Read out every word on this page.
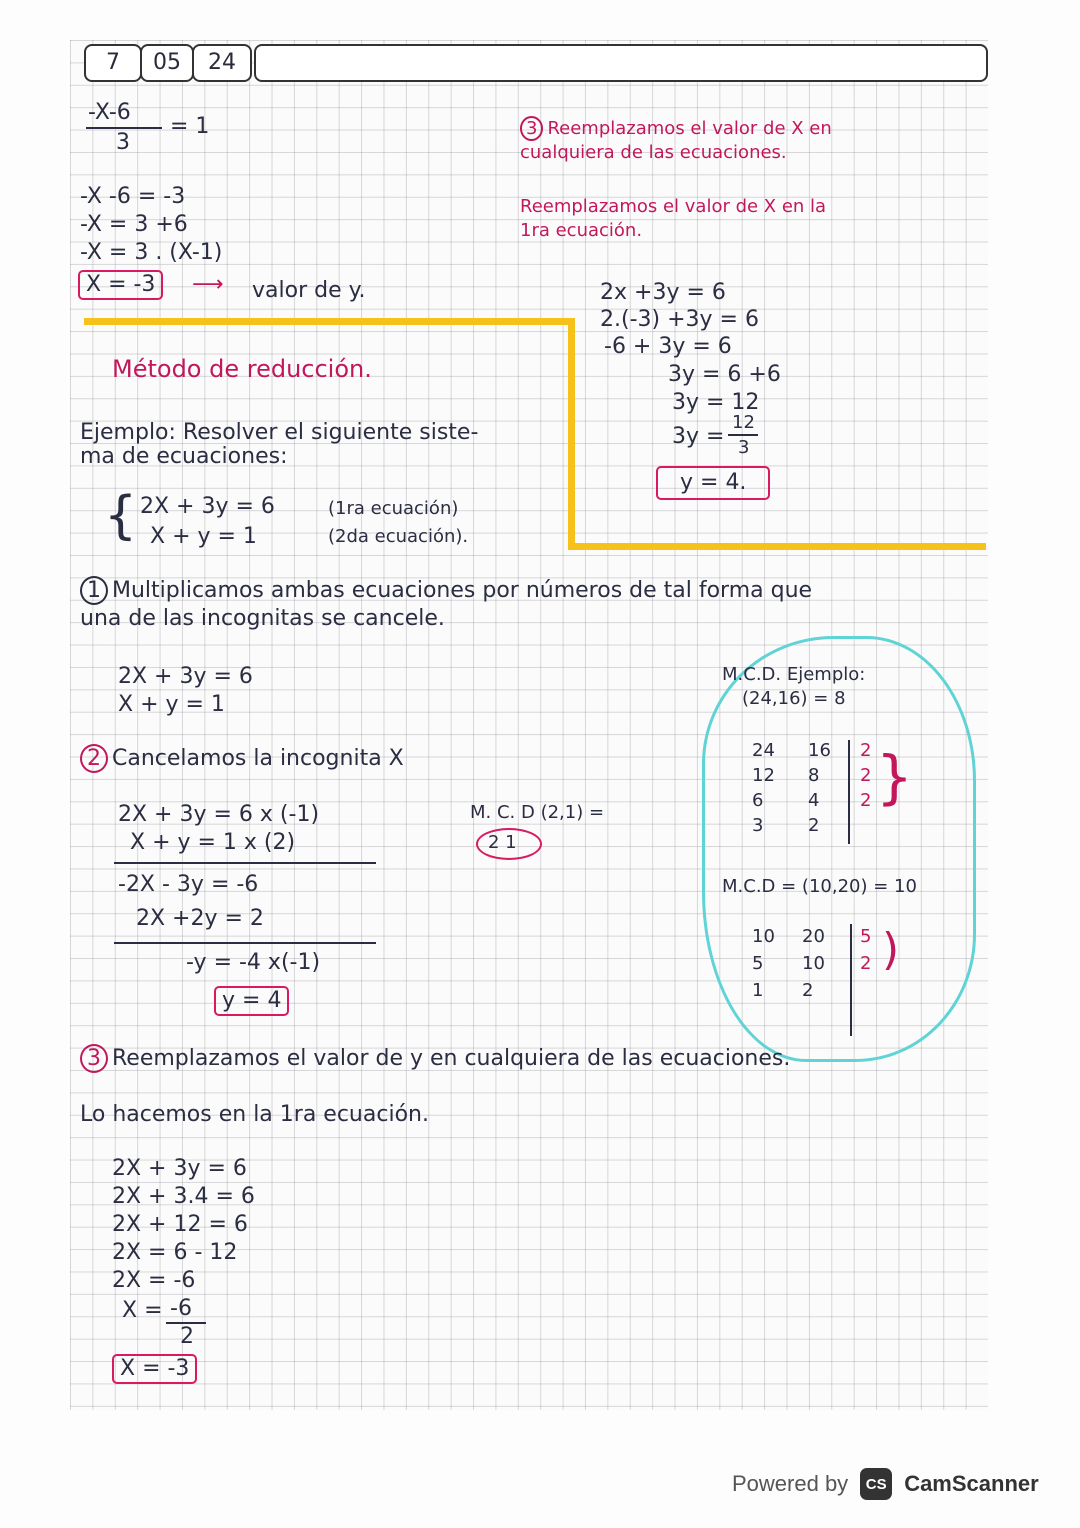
7	05	24
-X-6
3
= 1
-X -6 = -3
-X = 3 +6
-X = 3 . (X-1)
X = -3	⟶ valor de y.
3 Reemplazamos el valor de X en
cualquiera de las ecuaciones.
Reemplazamos el valor de X en la
1ra ecuación.
2x +3y = 6
2.(-3) +3y = 6
-6 + 3y = 6
3y = 6 +6
3y = 12
3y =
12
3
y = 4.
Método de reducción.
Ejemplo: Resolver el siguiente siste-
ma de ecuaciones:
{ 2X + 3y = 6
X + y = 1
(1ra ecuación)
(2da ecuación).
1 Multiplicamos ambas ecuaciones por números de tal forma que
una de las incognitas se cancele.
2X + 3y = 6
X + y = 1
2 Cancelamos la incognita X
2X + 3y = 6 x (-1)
X + y = 1 x (2)
-2X - 3y = -6
2X +2y = 2
-y = -4 x(-1)
y = 4
M. C. D (2,1) =
2 1
M.C.D. Ejemplo:
(24,16) = 8
24 16 2
12 8 2
6 4 2
3 2
}
M.C.D = (10,20) = 10
10 20 5
5 10 2
1 2
)
3 Reemplazamos el valor de y en cualquiera de las ecuaciones.
Lo hacemos en la 1ra ecuación.
2X + 3y = 6
2X + 3.4 = 6
2X + 12 = 6
2X = 6 - 12
2X = -6
X = -6
2
X = -3
Powered by	CS CamScanner
